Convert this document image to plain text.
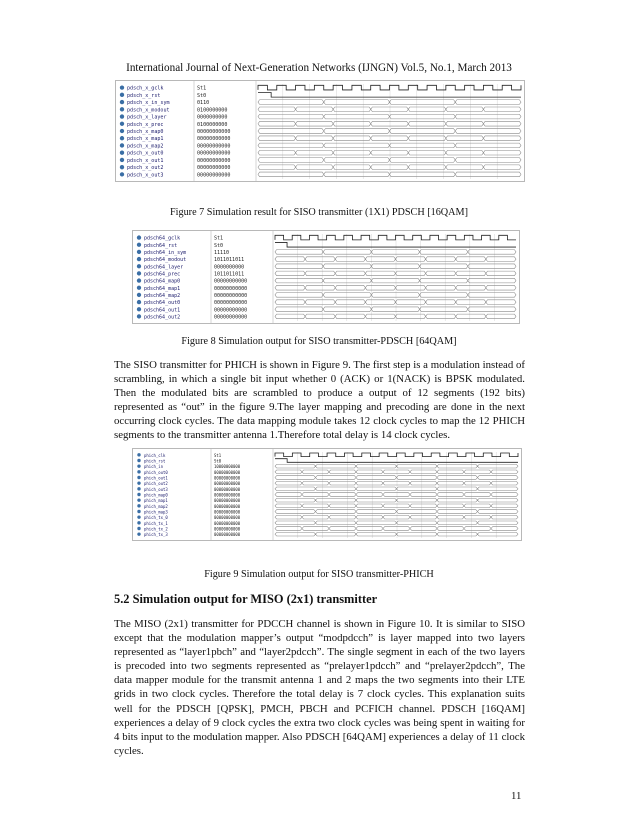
International Journal of Next-Generation Networks (IJNGN) Vol.5, No.1, March 2013
pdsch_x_gclk	St1
pdsch_x_rst	St0
pdsch_x_in_sym	0110
pdsch_x_modout	0100000000
pdsch_x_layer	0000000000
pdsch_x_prec	0100000000
pdsch_x_map0	00000000000
pdsch_x_map1	00000000000
pdsch_x_map2	00000000000
pdsch_x_out0	00000000000
pdsch_x_out1	00000000000
pdsch_x_out2	00000000000
pdsch_x_out3	00000000000
Figure 7 Simulation result for SISO transmitter (1X1) PDSCH [16QAM]
pdsch64_gclk	St1
pdsch64_rst	St0
pdsch64_in_sym	11110
pdsch64_modout	1011011011
pdsch64_layer	0000000000
pdsch64_prec	1011011011
pdsch64_map0	00000000000
pdsch64_map1	00000000000
pdsch64_map2	00000000000
pdsch64_out0	00000000000
pdsch64_out1	00000000000
pdsch64_out2	00000000000
Figure 8 Simulation output for SISO transmitter-PDSCH [64QAM]

The SISO transmitter for PHICH is shown in Figure 9. The first step is a modulation instead of scrambling, in which a single bit input whether 0 (ACK) or 1(NACK) is BPSK modulated. Then the modulated bits are scrambled to produce a output of 12 segments (192 bits) represented as “out” in the figure 9.The layer mapping and precoding are done in the next occurring clock cycles. The data mapping module takes 12 clock cycles to map the 12 PHICH segments to the transmitter antenna 1.Therefore total delay is 14 clock cycles.

phich_clk	St1
phich_rst	St0
phich_in	10000000000
phich_out0	00000000000
phich_out1	00000000000
phich_out2	00000000000
phich_out3	00000000000
phich_map0	00000000000
phich_map1	00000000000
phich_map2	00000000000
phich_map3	00000000000
phich_tx_0	00000000000
phich_tx_1	00000000000
phich_tx_2	00000000000
phich_tx_3	00000000000
Figure 9 Simulation output for SISO transmitter-PHICH
5.2 Simulation output for MISO (2x1) transmitter

The MISO (2x1) transmitter for PDCCH channel is shown in Figure 10. It is similar to SISO except that the modulation mapper’s output “modpdcch” is layer mapped into two layers represented as “layer1pbch” and “layer2pdcch”. The single segment in each of the two layers is precoded into two segments represented as “prelayer1pdcch” and “prelayer2pdcch”, The data mapper module for the transmit antenna 1 and 2 maps the two segments into their LTE grids in two clock cycles. Therefore the total delay is 7 clock cycles. This explanation suits well for the PDSCH [QPSK], PMCH, PBCH and PCFICH channel. PDSCH [16QAM] experiences a delay of 9 clock cycles the extra two clock cycles was being spent in waiting for 4 bits input to the modulation mapper. Also PDSCH [64QAM] experiences a delay of 11 clock cycles.

11
